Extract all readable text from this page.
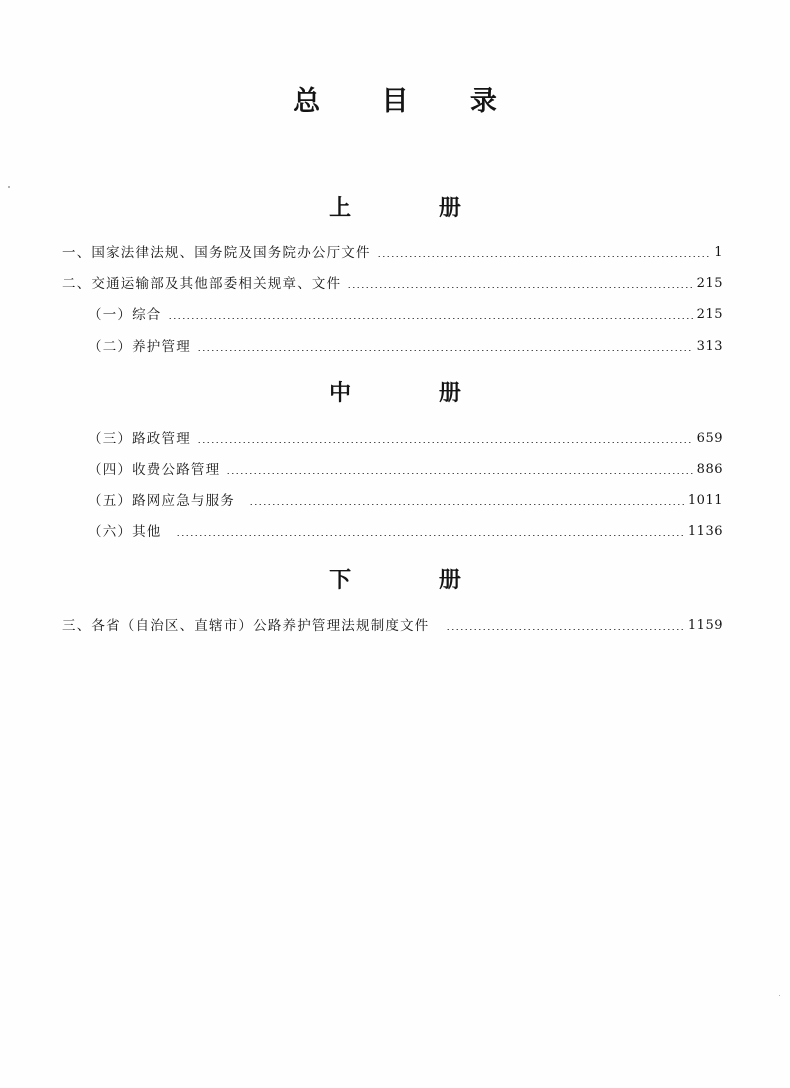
总 目 录
上 册
一、国家法律法规、国务院及国务院办公厅文件	1
二、交通运输部及其他部委相关规章、文件	215
（一）综合	215
（二）养护管理	313
中 册
（三）路政管理	659
（四）收费公路管理	886
（五）路网应急与服务	1011
（六）其他	1136
下 册
三、各省（自治区、直辖市）公路养护管理法规制度文件	1159
